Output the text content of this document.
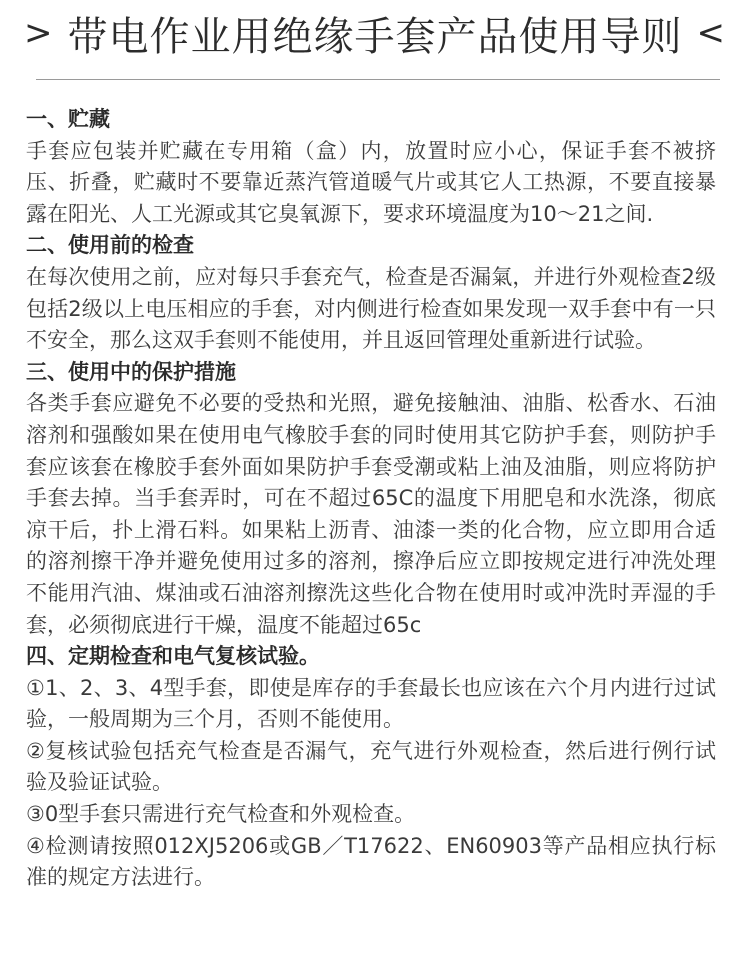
> 带电作业用绝缘手套产品使用导则 <
一、贮藏
手套应包装并贮藏在专用箱（盒）内，放置时应小心，保证手套不被挤压、折叠，贮藏时不要靠近蒸汽管道暖气片或其它人工热源，不要直接暴露在阳光、人工光源或其它臭氧源下，要求环境温度为10～21之间.
二、使用前的检查
在每次使用之前，应对每只手套充气，检查是否漏氣，并进行外观检查2级包括2级以上电压相应的手套，对内侧进行检查如果发现一双手套中有一只不安全，那么这双手套则不能使用，并且返回管理处重新进行试验。
三、使用中的保护措施
各类手套应避免不必要的受热和光照，避免接触油、油脂、松香水、石油溶剂和强酸如果在使用电气橡胶手套的同时使用其它防护手套，则防护手套应该套在橡胶手套外面如果防护手套受潮或粘上油及油脂，则应将防护手套去掉。当手套弄时，可在不超过65C的温度下用肥皂和水洗涤，彻底凉干后，扑上滑石料。如果粘上沥青、油漆一类的化合物，应立即用合适的溶剂擦干净并避免使用过多的溶剂，擦净后应立即按规定进行冲洗处理不能用汽油、煤油或石油溶剂擦洗这些化合物在使用时或冲洗时弄湿的手套，必须彻底进行干燥，温度不能超过65c
四、定期检查和电气复核试验。
①1、2、3、4型手套，即使是库存的手套最长也应该在六个月内进行过试验，一般周期为三个月，否则不能使用。
②复核试验包括充气检查是否漏气，充气进行外观检查，然后进行例行试验及验证试验。
③0型手套只需进行充气检查和外观检查。
④检测请按照012XJ5206或GB／T17622、EN60903等产品相应执行标准的规定方法进行。
